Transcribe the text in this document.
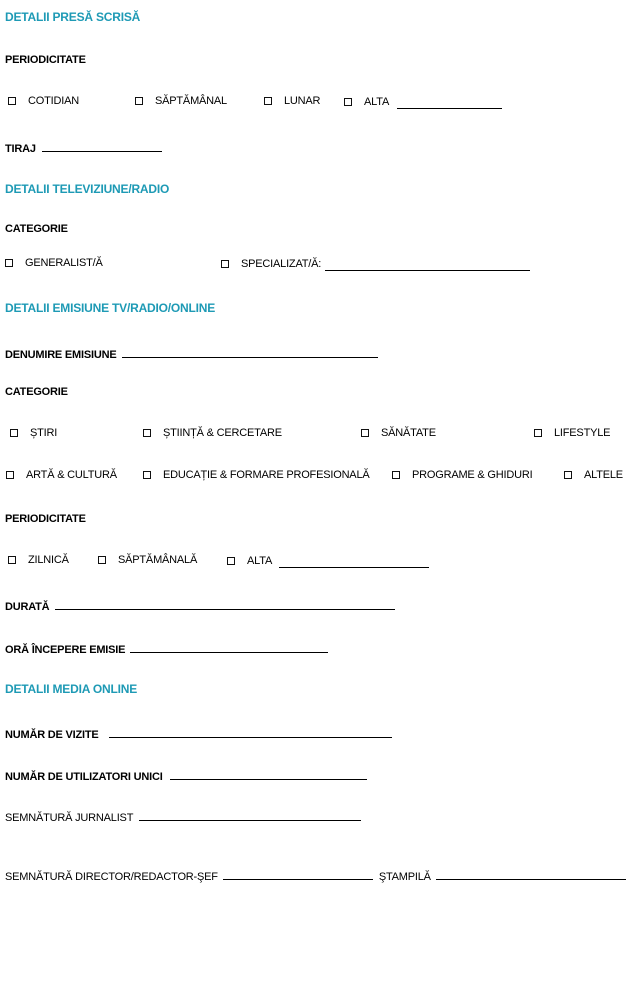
DETALII PRESĂ SCRISĂ
PERIODICITATE
COTIDIAN	SĂPTĂMÂNAL	LUNAR	ALTA
TIRAJ
DETALII TELEVIZIUNE/RADIO
CATEGORIE
GENERALIST/Ă	SPECIALIZAT/Ă:
DETALII EMISIUNE TV/RADIO/ONLINE
DENUMIRE EMISIUNE
CATEGORIE
ȘTIRI	ȘTIINȚĂ & CERCETARE	SĂNĂTATE	LIFESTYLE
ARTĂ & CULTURĂ	EDUCAȚIE & FORMARE PROFESIONALĂ	PROGRAME & GHIDURI	ALTELE
PERIODICITATE
ZILNICĂ	SĂPTĂMÂNALĂ	ALTA
DURATĂ
ORĂ ÎNCEPERE EMISIE
DETALII MEDIA ONLINE
NUMĂR DE VIZITE
NUMĂR DE UTILIZATORI UNICI
SEMNĂTURĂ JURNALIST
SEMNĂTURĂ DIRECTOR/REDACTOR-ŞEF	ŞTAMPILĂ
